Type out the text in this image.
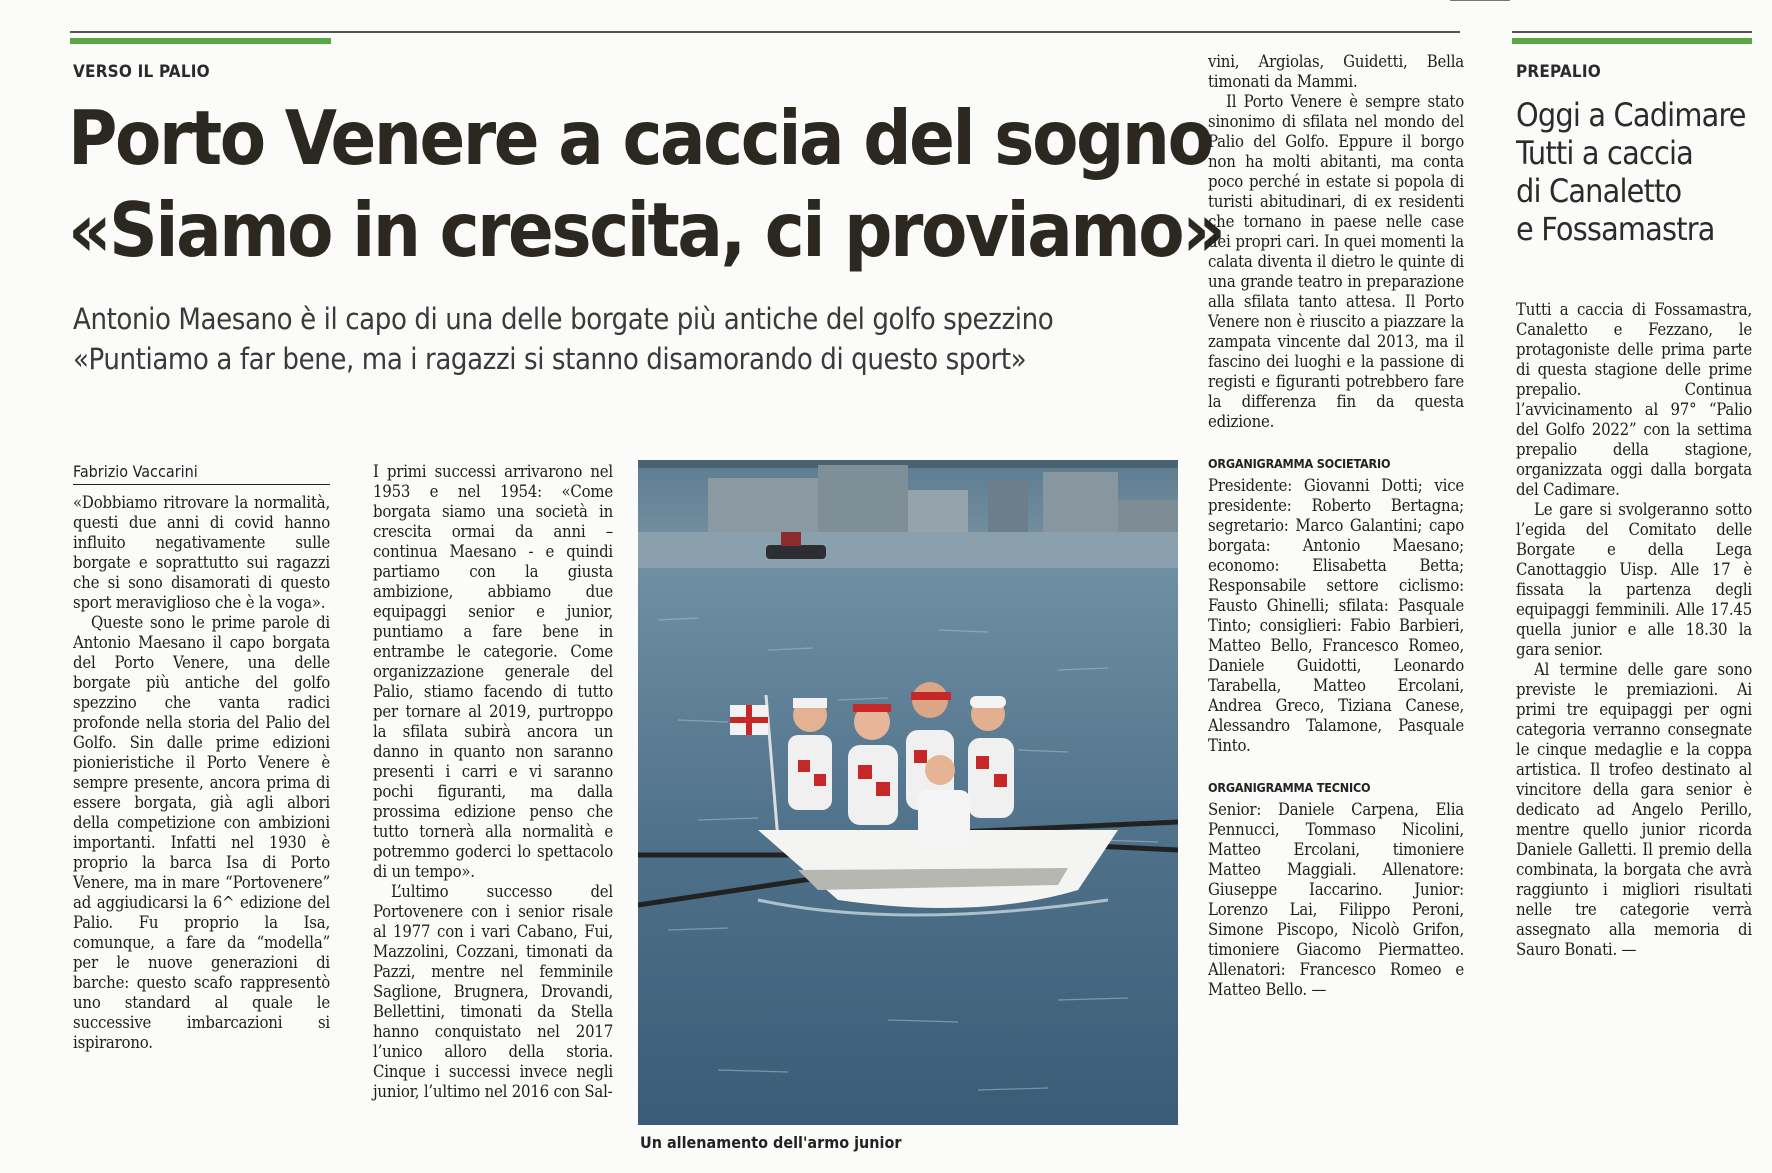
VERSO IL PALIO
Porto Venere a caccia del sogno
«Siamo in crescita, ci proviamo»
Antonio Maesano è il capo di una delle borgate più antiche del golfo spezzino
«Puntiamo a far bene, ma i ragazzi si stanno disamorando di questo sport»
Fabrizio Vaccarini

«Dobbiamo ritrovare la normalità, questi due anni di covid hanno influito negativamente sulle borgate e soprattutto sui ragazzi che si sono disamorati di questo sport meraviglioso che è la voga».

Queste sono le prime parole di Antonio Maesano il capo borgata del Porto Venere, una delle borgate più antiche del golfo spezzino che vanta radici profonde nella storia del Palio del Golfo. Sin dalle prime edizioni pionieristiche il Porto Venere è sempre presente, ancora prima di essere borgata, già agli albori della competizione con ambizioni importanti. Infatti nel 1930 è proprio la barca Isa di Porto Venere, ma in mare “Portovenere” ad aggiudicarsi la 6^ edizione del Palio. Fu proprio la Isa, comunque, a fare da “modella” per le nuove generazioni di barche: questo scafo rappresentò uno standard al quale le successive imbarcazioni si ispirarono.

I primi successi arrivarono nel 1953 e nel 1954: «Come borgata siamo una società in crescita ormai da anni – continua Maesano - e quindi partiamo con la giusta ambizione, abbiamo due equipaggi senior e junior, puntiamo a fare bene in entrambe le categorie. Come organizzazione generale del Palio, stiamo facendo di tutto per tornare al 2019, purtroppo la sfilata subirà ancora un danno in quanto non saranno presenti i carri e vi saranno pochi figuranti, ma dalla prossima edizione penso che tutto tornerà alla normalità e potremmo goderci lo spettacolo di un tempo».

L’ultimo successo del Portovenere con i senior risale al 1977 con i vari Cabano, Fui, Mazzolini, Cozzani, timonati da Pazzi, mentre nel femminile Saglione, Brugnera, Drovandi, Bellettini, timonati da Stella hanno conquistato nel 2017 l’unico alloro della storia. Cinque i successi invece negli junior, l’ultimo nel 2016 con Sal-

Un allenamento dell'armo junior

vini, Argiolas, Guidetti, Bella timonati da Mammi.

Il Porto Venere è sempre stato sinonimo di sfilata nel mondo del Palio del Golfo. Eppure il borgo non ha molti abitanti, ma conta poco perché in estate si popola di turisti abitudinari, di ex residenti che tornano in paese nelle case dei propri cari. In quei momenti la calata diventa il dietro le quinte di una grande teatro in preparazione alla sfilata tanto attesa. Il Porto Venere non è riuscito a piazzare la zampata vincente dal 2013, ma il fascino dei luoghi e la passione di registi e figuranti potrebbero fare la differenza fin da questa edizione.

ORGANIGRAMMA SOCIETARIO

Presidente: Giovanni Dotti; vice presidente: Roberto Bertagna; segretario: Marco Galantini; capo borgata: Antonio Maesano; economo: Elisabetta Betta; Responsabile settore ciclismo: Fausto Ghinelli; sfilata: Pasquale Tinto; consiglieri: Fabio Barbieri, Matteo Bello, Francesco Romeo, Daniele Guidotti, Leonardo Tarabella, Matteo Ercolani, Andrea Greco, Tiziana Canese, Alessandro Talamone, Pasquale Tinto.

ORGANIGRAMMA TECNICO

Senior: Daniele Carpena, Elia Pennucci, Tommaso Nicolini, Matteo Ercolani, timoniere Matteo Maggiali. Allenatore: Giuseppe Iaccarino. Junior: Lorenzo Lai, Filippo Peroni, Simone Piscopo, Nicolò Grifon, timoniere Giacomo Piermatteo. Allenatori: Francesco Romeo e Matteo Bello. —

PREPALIO
Oggi a Cadimare
Tutti a caccia
di Canaletto
e Fossamastra

Tutti a caccia di Fossamastra, Canaletto e Fezzano, le protagoniste delle prima parte di questa stagione delle prime prepalio. Continua l’avvicinamento al 97° “Palio del Golfo 2022” con la settima prepalio della stagione, organizzata oggi dalla borgata del Cadimare.

Le gare si svolgeranno sotto l’egida del Comitato delle Borgate e della Lega Canottaggio Uisp. Alle 17 è fissata la partenza degli equipaggi femminili. Alle 17.45 quella junior e alle 18.30 la gara senior.

Al termine delle gare sono previste le premiazioni. Ai primi tre equipaggi per ogni categoria verranno consegnate le cinque medaglie e la coppa artistica. Il trofeo destinato al vincitore della gara senior è dedicato ad Angelo Perillo, mentre quello junior ricorda Daniele Galletti. Il premio della combinata, la borgata che avrà raggiunto i migliori risultati nelle tre categorie verrà assegnato alla memoria di Sauro Bonati. —
